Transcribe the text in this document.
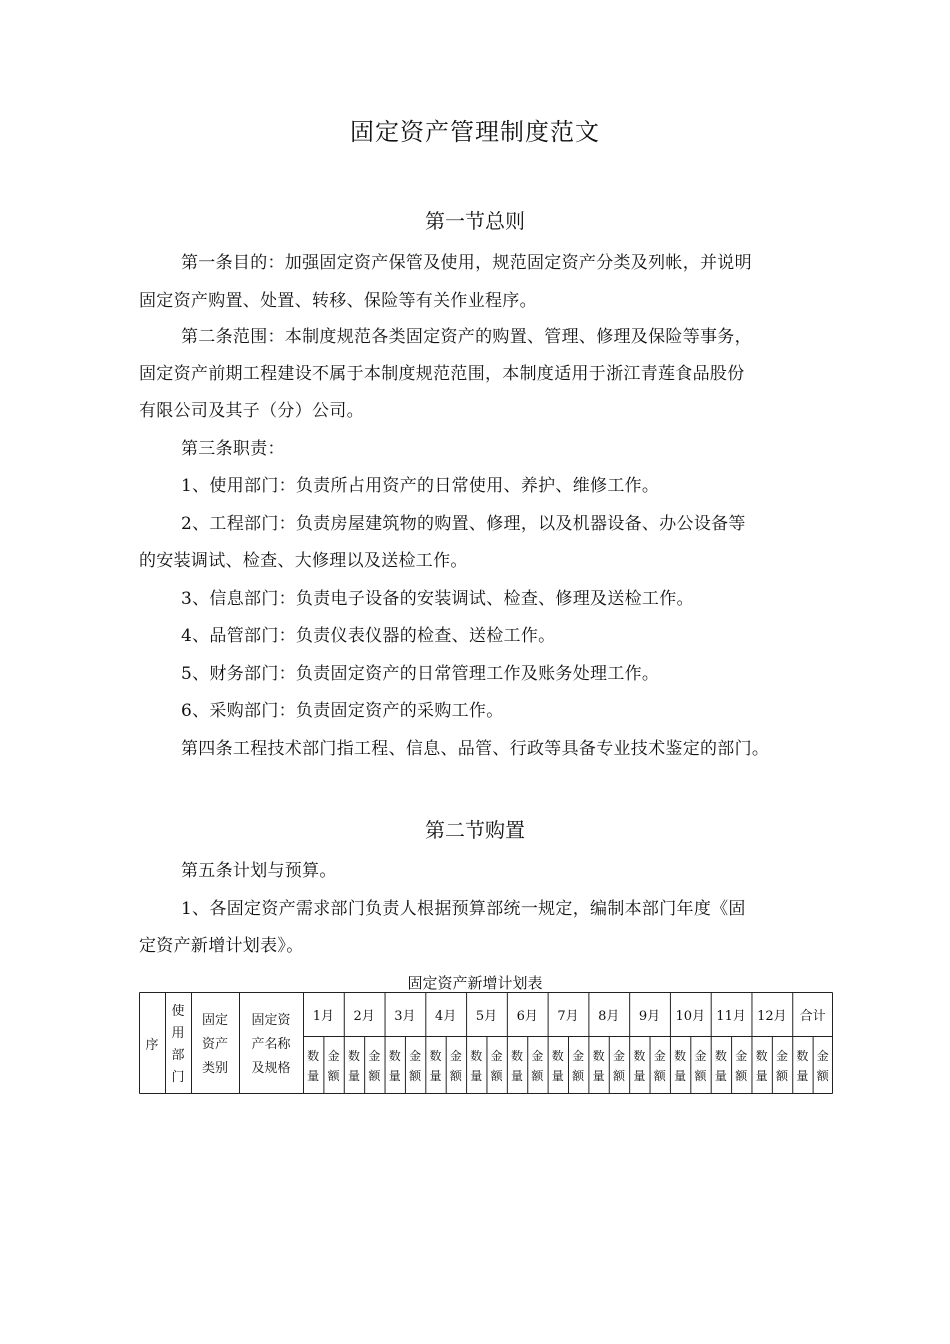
固定资产管理制度范文
第一节总则

第一条目的：加强固定资产保管及使用，规范固定资产分类及列帐，并说明

固定资产购置、处置、转移、保险等有关作业程序。

第二条范围：本制度规范各类固定资产的购置、管理、修理及保险等事务，

固定资产前期工程建设不属于本制度规范范围，本制度适用于浙江青莲食品股份

有限公司及其子（分）公司。

第三条职责：

1、使用部门：负责所占用资产的日常使用、养护、维修工作。

2、工程部门：负责房屋建筑物的购置、修理，以及机器设备、办公设备等

的安装调试、检查、大修理以及送检工作。

3、信息部门：负责电子设备的安装调试、检查、修理及送检工作。

4、品管部门：负责仪表仪器的检查、送检工作。

5、财务部门：负责固定资产的日常管理工作及账务处理工作。

6、采购部门：负责固定资产的采购工作。

第四条工程技术部门指工程、信息、品管、行政等具备专业技术鉴定的部门。

第二节购置

第五条计划与预算。

1、各固定资产需求部门负责人根据预算部统一规定，编制本部门年度《固

定资产新增计划表》。

固定资产新增计划表
序
使
用
部
门
固定
资产
类别
固定资
产名称
及规格
1月
数
量
金
额
2月
数
量
金
额
3月
数
量
金
额
4月
数
量
金
额
5月
数
量
金
额
6月
数
量
金
额
7月
数
量
金
额
8月
数
量
金
额
9月
数
量
金
额
10月
数
量
金
额
11月
数
量
金
额
12月
数
量
金
额
合计
数
量
金
额
